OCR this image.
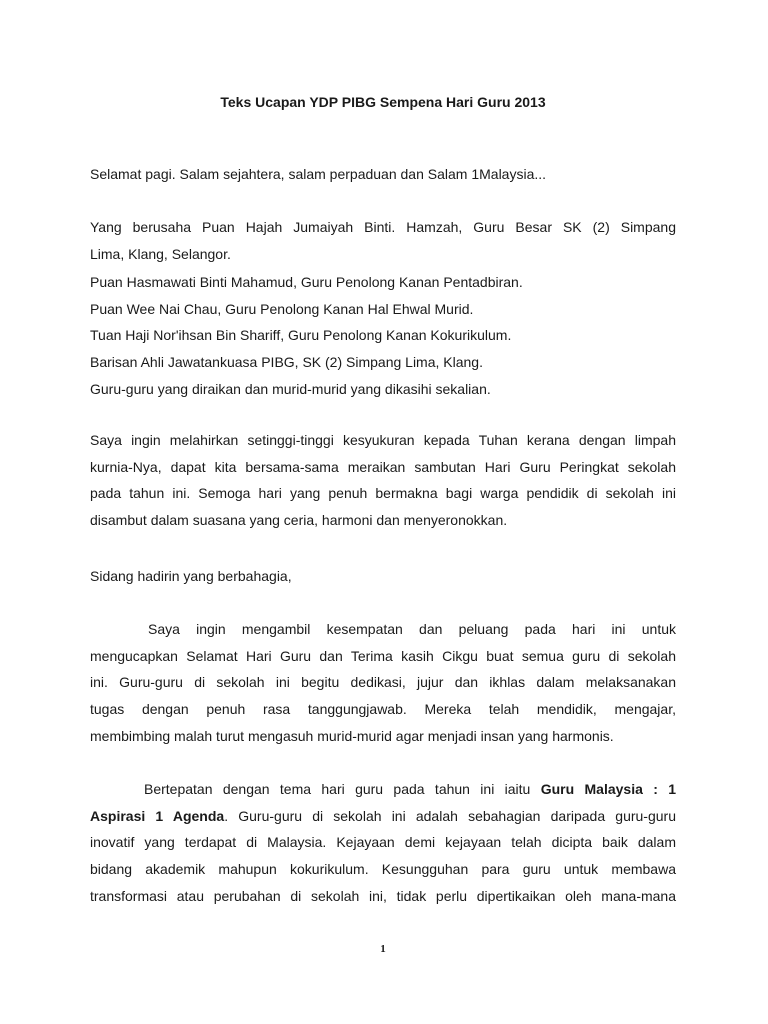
Teks Ucapan YDP PIBG Sempena Hari Guru 2013

Selamat pagi. Salam sejahtera, salam perpaduan dan Salam 1Malaysia...

Yang berusaha Puan Hajah Jumaiyah Binti. Hamzah, Guru Besar SK (2) Simpang
Lima, Klang, Selangor.

Puan Hasmawati Binti Mahamud, Guru Penolong Kanan Pentadbiran.

Puan Wee Nai Chau, Guru Penolong Kanan Hal Ehwal Murid.

Tuan Haji Nor'ihsan Bin Shariff, Guru Penolong Kanan Kokurikulum.

Barisan Ahli Jawatankuasa PIBG, SK (2) Simpang Lima, Klang.

Guru-guru yang diraikan dan murid-murid yang dikasihi sekalian.

Saya ingin melahirkan setinggi-tinggi kesyukuran kepada Tuhan kerana dengan limpah
kurnia-Nya, dapat kita bersama-sama meraikan sambutan Hari Guru Peringkat sekolah
pada tahun ini. Semoga hari yang penuh bermakna bagi warga pendidik di sekolah ini
disambut dalam suasana yang ceria, harmoni dan menyeronokkan.

Sidang hadirin yang berbahagia,

Saya ingin mengambil kesempatan dan peluang pada hari ini untuk
mengucapkan Selamat Hari Guru dan Terima kasih Cikgu buat semua guru di sekolah
ini. Guru-guru di sekolah ini begitu dedikasi, jujur dan ikhlas dalam melaksanakan
tugas dengan penuh rasa tanggungjawab. Mereka telah mendidik, mengajar,
membimbing malah turut mengasuh murid-murid agar menjadi insan yang harmonis.
Bertepatan dengan tema hari guru pada tahun ini iaitu Guru Malaysia : 1
Aspirasi 1 Agenda. Guru-guru di sekolah ini adalah sebahagian daripada guru-guru
inovatif yang terdapat di Malaysia. Kejayaan demi kejayaan telah dicipta baik dalam
bidang akademik mahupun kokurikulum. Kesungguhan para guru untuk membawa
transformasi atau perubahan di sekolah ini, tidak perlu dipertikaikan oleh mana-mana
1
